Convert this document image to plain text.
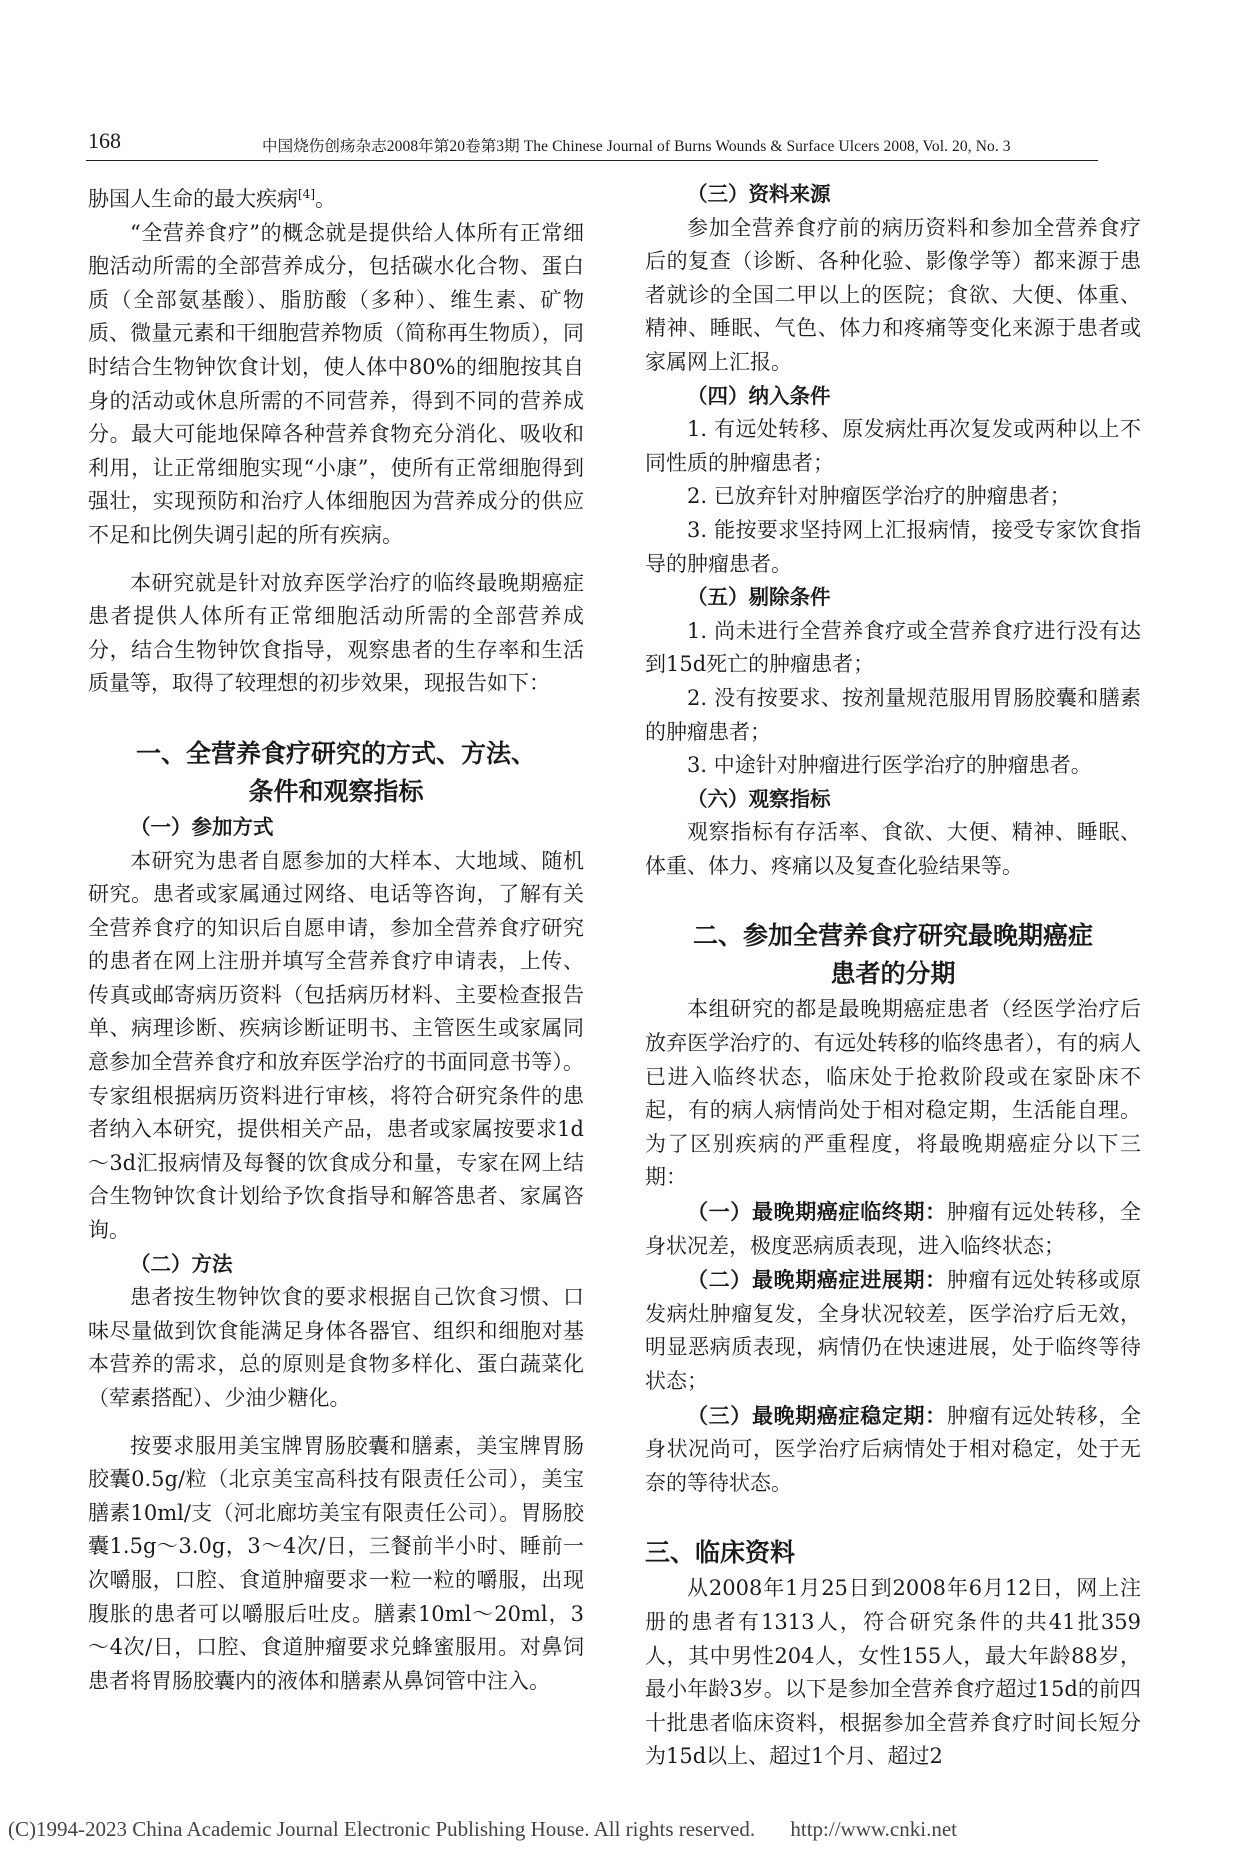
168	中国烧伤创疡杂志2008年第20卷第3期 The Chinese Journal of Burns Wounds & Surface Ulcers 2008, Vol. 20, No. 3

胁国人生命的最大疾病[4]。

“全营养食疗”的概念就是提供给人体所有正常细胞活动所需的全部营养成分，包括碳水化合物、蛋白质（全部氨基酸）、脂肪酸（多种）、维生素、矿物质、微量元素和干细胞营养物质（简称再生物质），同时结合生物钟饮食计划，使人体中80%的细胞按其自身的活动或休息所需的不同营养，得到不同的营养成分。最大可能地保障各种营养食物充分消化、吸收和利用，让正常细胞实现“小康”，使所有正常细胞得到强壮，实现预防和治疗人体细胞因为营养成分的供应不足和比例失调引起的所有疾病。

本研究就是针对放弃医学治疗的临终最晚期癌症患者提供人体所有正常细胞活动所需的全部营养成分，结合生物钟饮食指导，观察患者的生存率和生活质量等，取得了较理想的初步效果，现报告如下：

一、全营养食疗研究的方式、方法、
条件和观察指标
（一）参加方式

本研究为患者自愿参加的大样本、大地域、随机研究。患者或家属通过网络、电话等咨询，了解有关全营养食疗的知识后自愿申请，参加全营养食疗研究的患者在网上注册并填写全营养食疗申请表，上传、传真或邮寄病历资料（包括病历材料、主要检查报告单、病理诊断、疾病诊断证明书、主管医生或家属同意参加全营养食疗和放弃医学治疗的书面同意书等）。专家组根据病历资料进行审核，将符合研究条件的患者纳入本研究，提供相关产品，患者或家属按要求1d～3d汇报病情及每餐的饮食成分和量，专家在网上结合生物钟饮食计划给予饮食指导和解答患者、家属咨询。

（二）方法

患者按生物钟饮食的要求根据自己饮食习惯、口味尽量做到饮食能满足身体各器官、组织和细胞对基本营养的需求，总的原则是食物多样化、蛋白蔬菜化（荤素搭配）、少油少糖化。

按要求服用美宝牌胃肠胶囊和膳素，美宝牌胃肠胶囊0.5g/粒（北京美宝高科技有限责任公司），美宝膳素10ml/支（河北廊坊美宝有限责任公司）。胃肠胶囊1.5g～3.0g，3～4次/日，三餐前半小时、睡前一次嚼服，口腔、食道肿瘤要求一粒一粒的嚼服，出现腹胀的患者可以嚼服后吐皮。膳素10ml～20ml，3～4次/日，口腔、食道肿瘤要求兑蜂蜜服用。对鼻饲患者将胃肠胶囊内的液体和膳素从鼻饲管中注入。

（三）资料来源

参加全营养食疗前的病历资料和参加全营养食疗后的复查（诊断、各种化验、影像学等）都来源于患者就诊的全国二甲以上的医院；食欲、大便、体重、精神、睡眠、气色、体力和疼痛等变化来源于患者或家属网上汇报。

（四）纳入条件

1. 有远处转移、原发病灶再次复发或两种以上不同性质的肿瘤患者；

2. 已放弃针对肿瘤医学治疗的肿瘤患者；

3. 能按要求坚持网上汇报病情，接受专家饮食指导的肿瘤患者。

（五）剔除条件

1. 尚未进行全营养食疗或全营养食疗进行没有达到15d死亡的肿瘤患者；

2. 没有按要求、按剂量规范服用胃肠胶囊和膳素的肿瘤患者；

3. 中途针对肿瘤进行医学治疗的肿瘤患者。

（六）观察指标

观察指标有存活率、食欲、大便、精神、睡眠、体重、体力、疼痛以及复查化验结果等。

二、参加全营养食疗研究最晚期癌症
患者的分期

本组研究的都是最晚期癌症患者（经医学治疗后放弃医学治疗的、有远处转移的临终患者），有的病人已进入临终状态，临床处于抢救阶段或在家卧床不起，有的病人病情尚处于相对稳定期，生活能自理。为了区别疾病的严重程度，将最晚期癌症分以下三期：

（一）最晚期癌症临终期：肿瘤有远处转移，全身状况差，极度恶病质表现，进入临终状态；

（二）最晚期癌症进展期：肿瘤有远处转移或原发病灶肿瘤复发，全身状况较差，医学治疗后无效，明显恶病质表现，病情仍在快速进展，处于临终等待状态；

（三）最晚期癌症稳定期：肿瘤有远处转移，全身状况尚可，医学治疗后病情处于相对稳定，处于无奈的等待状态。

三、临床资料

从2008年1月25日到2008年6月12日，网上注册的患者有1313人，符合研究条件的共41批359人，其中男性204人，女性155人，最大年龄88岁，最小年龄3岁。以下是参加全营养食疗超过15d的前四十批患者临床资料，根据参加全营养食疗时间长短分为15d以上、超过1个月、超过2

(C)1994-2023 China Academic Journal Electronic Publishing House. All rights reserved. http://www.cnki.net
